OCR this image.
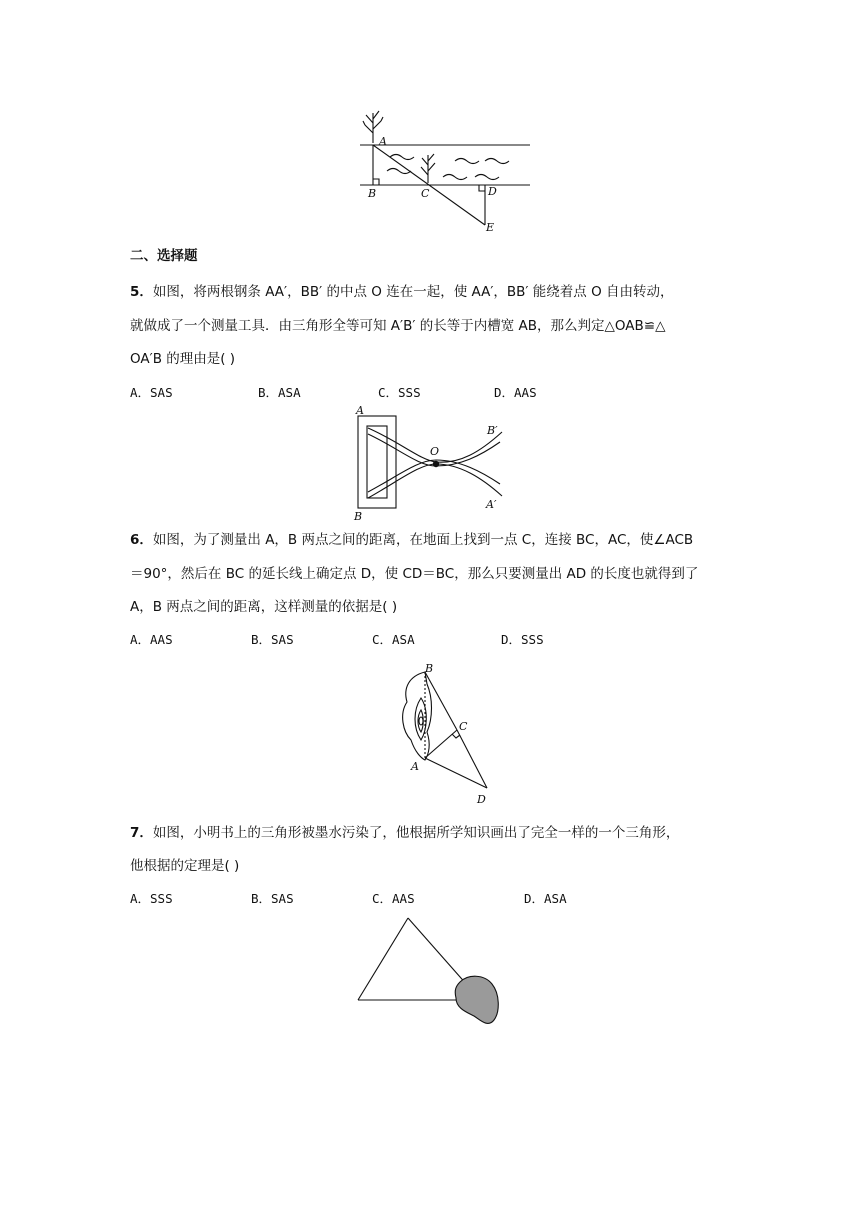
A
B	C	D
E
二、选择题
5．如图，将两根钢条 AA′，BB′ 的中点 O 连在一起，使 AA′，BB′ 能绕着点 O 自由转动，
就做成了一个测量工具．由三角形全等可知 A′B′ 的长等于内槽宽 AB，那么判定△OAB≌△
OA′B 的理由是( )
A．SAS	B．ASA	C．SSS	D．AAS
A
B
O
B′
A′
6．如图，为了测量出 A，B 两点之间的距离，在地面上找到一点 C，连接 BC，AC，使∠ACB
＝90°，然后在 BC 的延长线上确定点 D，使 CD＝BC，那么只要测量出 AD 的长度也就得到了
A，B 两点之间的距离，这样测量的依据是( )
A．AAS	B．SAS	C．ASA	D．SSS
B
C
A
D
7．如图，小明书上的三角形被墨水污染了，他根据所学知识画出了完全一样的一个三角形，
他根据的定理是( )
A．SSS	B．SAS	C．AAS	D．ASA
